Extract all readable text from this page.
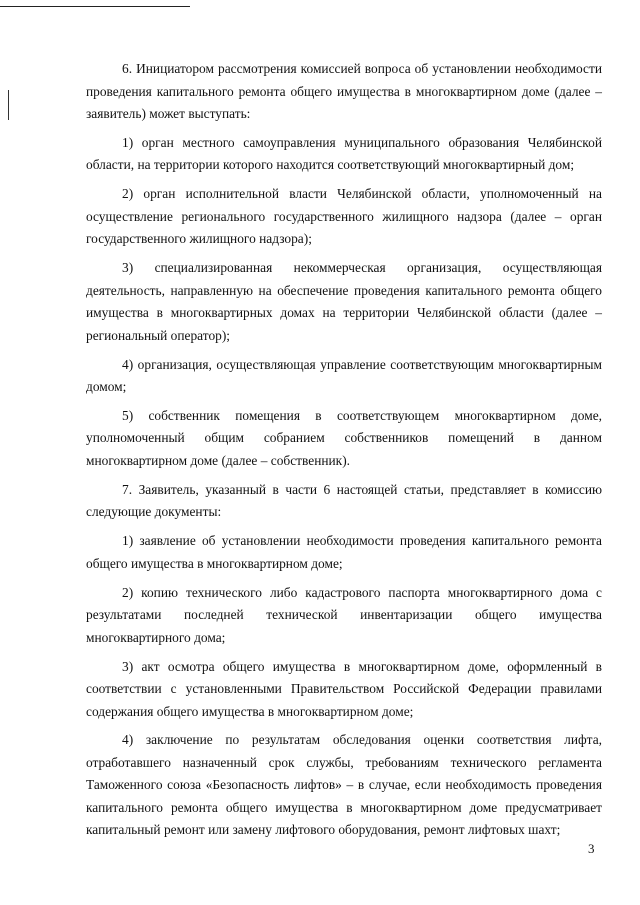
6. Инициатором рассмотрения комиссией вопроса об установлении необходимости проведения капитального ремонта общего имущества в многоквартирном доме (далее – заявитель) может выступать:

1) орган местного самоуправления муниципального образования Челябинской области, на территории которого находится соответствующий многоквартирный дом;

2) орган исполнительной власти Челябинской области, уполномоченный на осуществление регионального государственного жилищного надзора (далее – орган государственного жилищного надзора);

3) специализированная некоммерческая организация, осуществляющая деятельность, направленную на обеспечение проведения капитального ремонта общего имущества в многоквартирных домах на территории Челябинской области (далее – региональный оператор);

4) организация, осуществляющая управление соответствующим многоквартирным домом;

5) собственник помещения в соответствующем многоквартирном доме, уполномоченный общим собранием собственников помещений в данном многоквартирном доме (далее – собственник).

7. Заявитель, указанный в части 6 настоящей статьи, представляет в комиссию следующие документы:

1) заявление об установлении необходимости проведения капитального ремонта общего имущества в многоквартирном доме;

2) копию технического либо кадастрового паспорта многоквартирного дома с результатами последней технической инвентаризации общего имущества многоквартирного дома;

3) акт осмотра общего имущества в многоквартирном доме, оформленный в соответствии с установленными Правительством Российской Федерации правилами содержания общего имущества в многоквартирном доме;

4) заключение по результатам обследования оценки соответствия лифта, отработавшего назначенный срок службы, требованиям технического регламента Таможенного союза «Безопасность лифтов» – в случае, если необходимость проведения капитального ремонта общего имущества в многоквартирном доме предусматривает капитальный ремонт или замену лифтового оборудования, ремонт лифтовых шахт;

3
